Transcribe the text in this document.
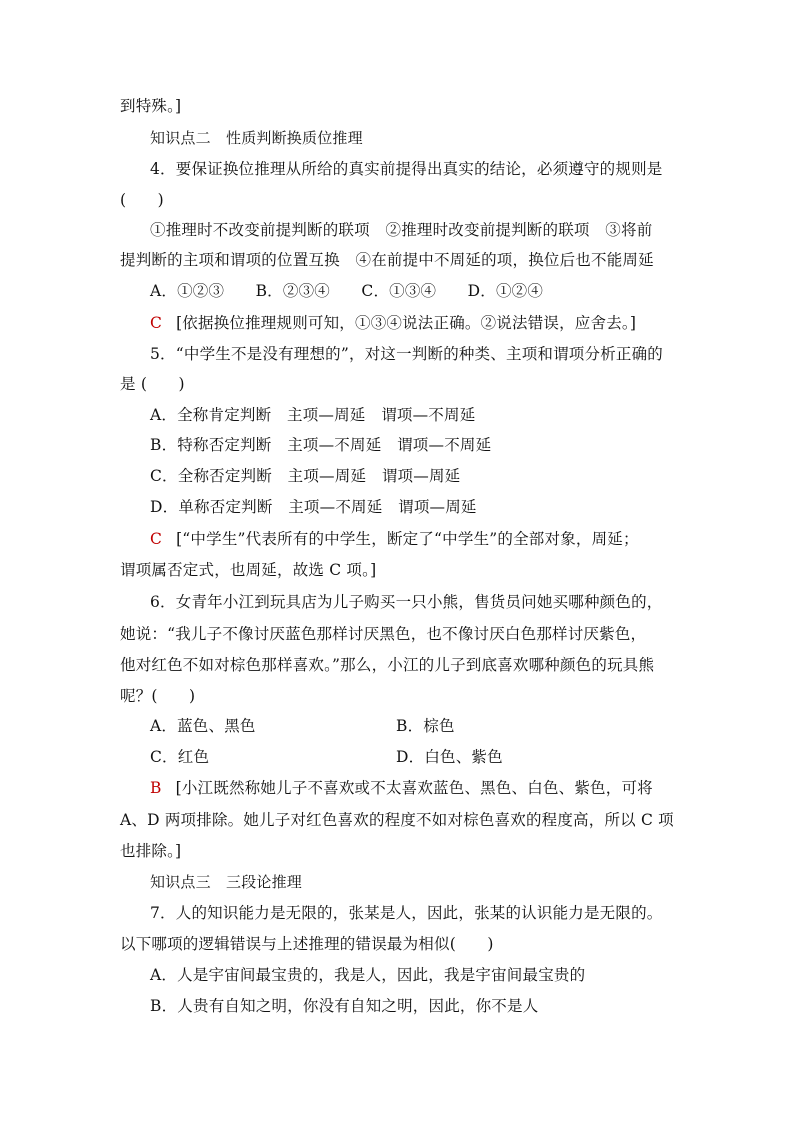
到特殊。]
知识点二　性质判断换质位推理
4．要保证换位推理从所给的真实前提得出真实的结论，必须遵守的规则是
(　　)
①推理时不改变前提判断的联项　②推理时改变前提判断的联项　③将前
提判断的主项和谓项的位置互换　④在前提中不周延的项，换位后也不能周延
A．①②③　　B．②③④　　C．①③④　　D．①②④
C [依据换位推理规则可知，①③④说法正确。②说法错误，应舍去。]
5．“中学生不是没有理想的”，对这一判断的种类、主项和谓项分析正确的
是 (　　)
A．全称肯定判断　主项—周延　谓项—不周延
B．特称否定判断　主项—不周延　谓项—不周延
C．全称否定判断　主项—周延　谓项—周延
D．单称否定判断　主项—不周延　谓项—周延
C [“中学生”代表所有的中学生，断定了“中学生”的全部对象，周延；
谓项属否定式，也周延，故选 C 项。]
6．女青年小江到玩具店为儿子购买一只小熊，售货员问她买哪种颜色的，
她说：“我儿子不像讨厌蓝色那样讨厌黑色，也不像讨厌白色那样讨厌紫色，
他对红色不如对棕色那样喜欢。”那么，小江的儿子到底喜欢哪种颜色的玩具熊
呢？(　　)
A．蓝色、黑色	B．棕色
C．红色	D．白色、紫色
B [小江既然称她儿子不喜欢或不太喜欢蓝色、黑色、白色、紫色，可将
A、D 两项排除。她儿子对红色喜欢的程度不如对棕色喜欢的程度高，所以 C 项
也排除。]
知识点三　三段论推理
7．人的知识能力是无限的，张某是人，因此，张某的认识能力是无限的。
以下哪项的逻辑错误与上述推理的错误最为相似(　　)
A．人是宇宙间最宝贵的，我是人，因此，我是宇宙间最宝贵的
B．人贵有自知之明，你没有自知之明，因此，你不是人
